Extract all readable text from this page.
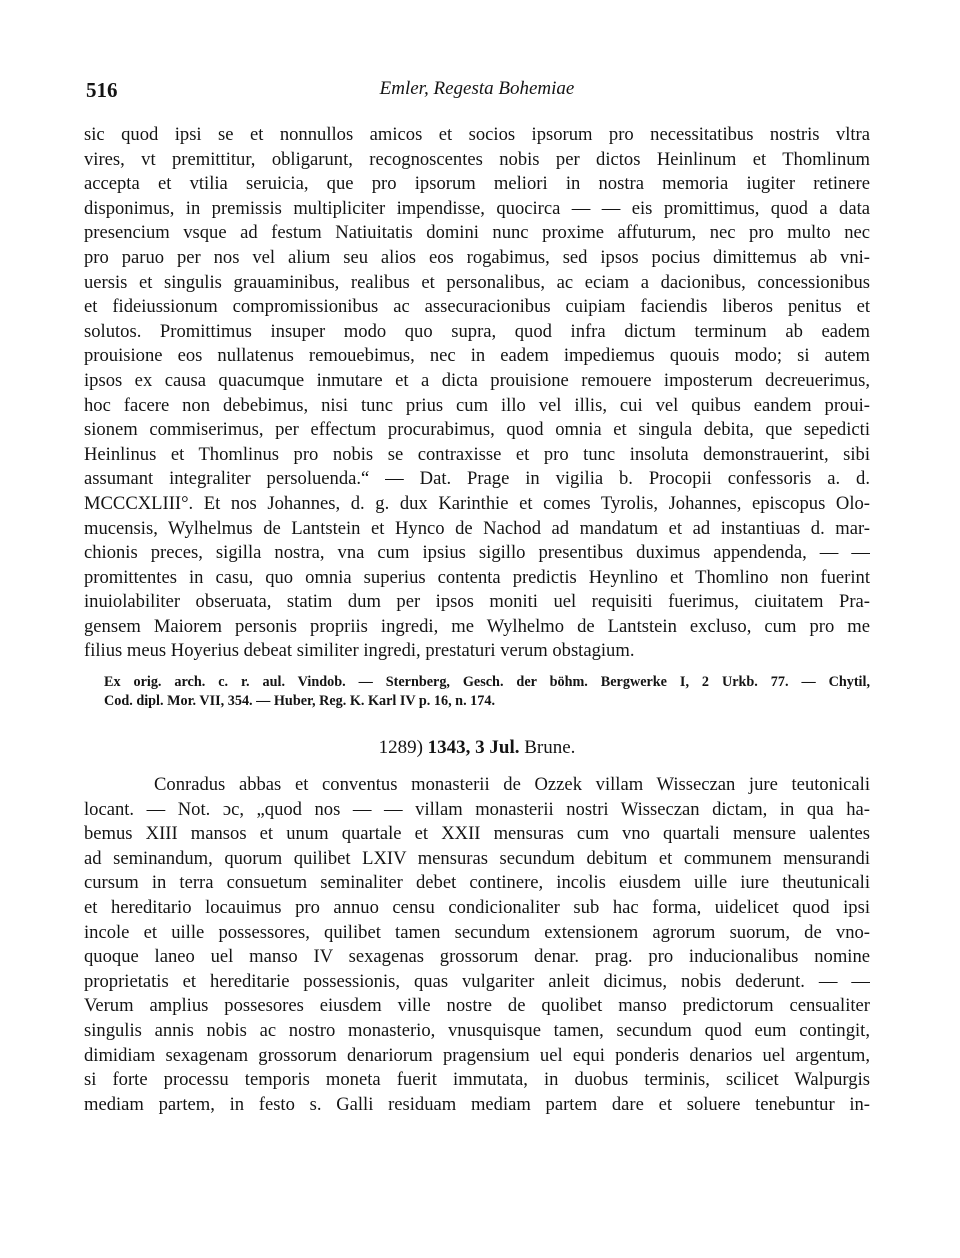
516	Emler, Regesta Bohemiae
sic quod ipsi se et nonnullos amicos et socios ipsorum pro necessitatibus nostris vltra
vires, vt premittitur, obligarunt, recognoscentes nobis per dictos Heinlinum et Thomlinum
accepta et vtilia seruicia, que pro ipsorum meliori in nostra memoria iugiter retinere
disponimus, in premissis multipliciter impendisse, quocirca — — eis promittimus, quod a data
presencium vsque ad festum Natiuitatis domini nunc proxime affuturum, nec pro multo nec
pro paruo per nos vel alium seu alios eos rogabimus, sed ipsos pocius dimittemus ab vni-
uersis et singulis grauaminibus, realibus et personalibus, ac eciam a dacionibus, concessionibus
et fideiussionum compromissionibus ac assecuracionibus cuipiam faciendis liberos penitus et
solutos. Promittimus insuper modo quo supra, quod infra dictum terminum ab eadem
prouisione eos nullatenus remouebimus, nec in eadem impediemus quouis modo; si autem
ipsos ex causa quacumque inmutare et a dicta prouisione remouere imposterum decreuerimus,
hoc facere non debebimus, nisi tunc prius cum illo vel illis, cui vel quibus eandem proui-
sionem commiserimus, per effectum procurabimus, quod omnia et singula debita, que sepedicti
Heinlinus et Thomlinus pro nobis se contraxisse et pro tunc insoluta demonstrauerint, sibi
assumant integraliter persoluenda.“ — Dat. Prage in vigilia b. Procopii confessoris a. d.
MCCCXLIII°. Et nos Johannes, d. g. dux Karinthie et comes Tyrolis, Johannes, episcopus Olo-
mucensis, Wylhelmus de Lantstein et Hynco de Nachod ad mandatum et ad instantiuas d. mar-
chionis preces, sigilla nostra, vna cum ipsius sigillo presentibus duximus appendenda, — —
promittentes in casu, quo omnia superius contenta predictis Heynlino et Thomlino non fuerint
inuiolabiliter obseruata, statim dum per ipsos moniti uel requisiti fuerimus, ciuitatem Pra-
gensem Maiorem personis propriis ingredi, me Wylhelmo de Lantstein excluso, cum pro me
filius meus Hoyerius debeat similiter ingredi, prestaturi verum obstagium.
Ex orig. arch. c. r. aul. Vindob. — Sternberg, Gesch. der böhm. Bergwerke I, 2 Urkb. 77. — Chytil,
Cod. dipl. Mor. VII, 354. — Huber, Reg. K. Karl IV p. 16, n. 174.
1289) 1343, 3 Jul. Brune.
Conradus abbas et conventus monasterii de Ozzek villam Wisseczan jure teutonicali
locant. — Not. ɔc, „quod nos — — villam monasterii nostri Wisseczan dictam, in qua ha-
bemus XIII mansos et unum quartale et XXII mensuras cum vno quartali mensure ualentes
ad seminandum, quorum quilibet LXIV mensuras secundum debitum et communem mensurandi
cursum in terra consuetum seminaliter debet continere, incolis eiusdem uille iure theutunicali
et hereditario locauimus pro annuo censu condicionaliter sub hac forma, uidelicet quod ipsi
incole et uille possessores, quilibet tamen secundum extensionem agrorum suorum, de vno-
quoque laneo uel manso IV sexagenas grossorum denar. prag. pro inducionalibus nomine
proprietatis et hereditarie possessionis, quas vulgariter anleit dicimus, nobis dederunt. — —
Verum amplius possesores eiusdem ville nostre de quolibet manso predictorum censualiter
singulis annis nobis ac nostro monasterio, vnusquisque tamen, secundum quod eum contingit,
dimidiam sexagenam grossorum denariorum pragensium uel equi ponderis denarios uel argentum,
si forte processu temporis moneta fuerit immutata, in duobus terminis, scilicet Walpurgis
mediam partem, in festo s. Galli residuam mediam partem dare et soluere tenebuntur in-
